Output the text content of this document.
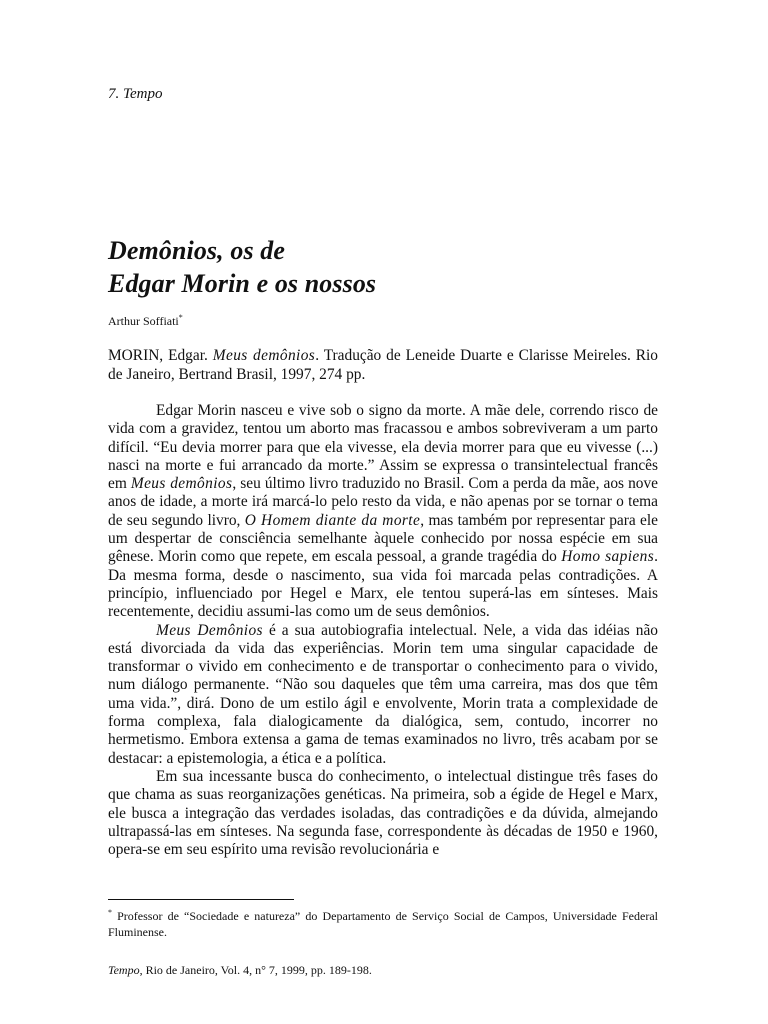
7. Tempo
Demônios, os de
Edgar Morin e os nossos
Arthur Soffiati*

MORIN, Edgar. Meus demônios. Tradução de Leneide Duarte e Clarisse Meireles. Rio de Janeiro, Bertrand Brasil, 1997, 274 pp.

Edgar Morin nasceu e vive sob o signo da morte. A mãe dele, correndo risco de vida com a gravidez, tentou um aborto mas fracassou e ambos sobreviveram a um parto difícil. “Eu devia morrer para que ela vivesse, ela devia morrer para que eu vivesse (...) nasci na morte e fui arrancado da morte.” Assim se expressa o transintelectual francês em Meus demônios, seu último livro traduzido no Brasil. Com a perda da mãe, aos nove anos de idade, a morte irá marcá-lo pelo resto da vida, e não apenas por se tornar o tema de seu segundo livro, O Homem diante da morte, mas também por representar para ele um despertar de consciência semelhante àquele conhecido por nossa espécie em sua gênese. Morin como que repete, em escala pessoal, a grande tragédia do Homo sapiens. Da mesma forma, desde o nascimento, sua vida foi marcada pelas contradições. A princípio, influenciado por Hegel e Marx, ele tentou superá-las em sínteses. Mais recentemente, decidiu assumi-las como um de seus demônios.

Meus Demônios é a sua autobiografia intelectual. Nele, a vida das idéias não está divorciada da vida das experiências. Morin tem uma singular capacidade de transformar o vivido em conhecimento e de transportar o conhecimento para o vivido, num diálogo permanente. “Não sou daqueles que têm uma carreira, mas dos que têm uma vida.”, dirá. Dono de um estilo ágil e envolvente, Morin trata a complexidade de forma complexa, fala dialogicamente da dialógica, sem, contudo, incorrer no hermetismo. Embora extensa a gama de temas examinados no livro, três acabam por se destacar: a epistemologia, a ética e a política.

Em sua incessante busca do conhecimento, o intelectual distingue três fases do que chama as suas reorganizações genéticas. Na primeira, sob a égide de Hegel e Marx, ele busca a integração das verdades isoladas, das contradições e da dúvida, almejando ultrapassá-las em sínteses. Na segunda fase, correspondente às décadas de 1950 e 1960, opera-se em seu espírito uma revisão revolucionária e

* Professor de “Sociedade e natureza” do Departamento de Serviço Social de Campos, Universidade Federal Fluminense.

Tempo, Rio de Janeiro, Vol. 4, n° 7, 1999, pp. 189-198.
